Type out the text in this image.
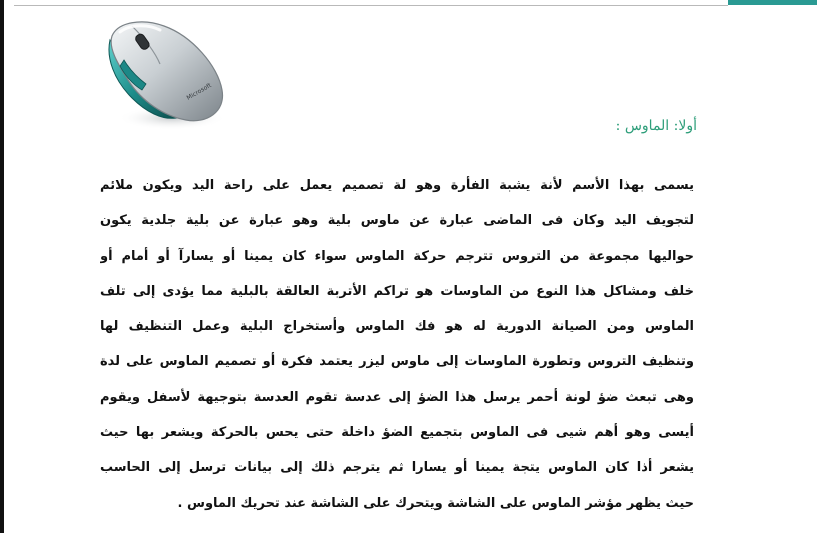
Microsoft
أولا: الماوس :
يسمى بهذا الأسم لأنة يشبة الفأرة وهو لة تصميم يعمل على راحة اليد ويكون ملائم
لتجويف اليد وكان فى الماضى عبارة عن ماوس بلية وهو عبارة عن بلية جلدية يكون
حواليها مجموعة من التروس تترجم حركة الماوس سواء كان يمينا أو يسارآ أو أمام أو
خلف ومشاكل هذا النوع من الماوسات هو تراكم الأتربة العالقة بالبلية مما يؤدى إلى تلف
الماوس ومن الصيانة الدورية له هو فك الماوس وأستخراج البلية وعمل التنظيف لها
وتنظيف التروس وتطورة الماوسات إلى ماوس ليزر يعتمد فكرة أو تصميم الماوس على لدة
وهى تبعث ضؤ لونة أحمر يرسل هذا الضؤ إلى عدسة تقوم العدسة بتوجيهة لأسفل ويقوم
أيسى وهو أهم شيى فى الماوس بتجميع الضؤ داخلة حتى يحس بالحركة ويشعر بها حيث
يشعر أذا كان الماوس يتجة يمينا أو يسارا ثم يترجم ذلك إلى بيانات ترسل إلى الحاسب
حيث يظهر مؤشر الماوس على الشاشة ويتحرك على الشاشة عند تحريك الماوس .
